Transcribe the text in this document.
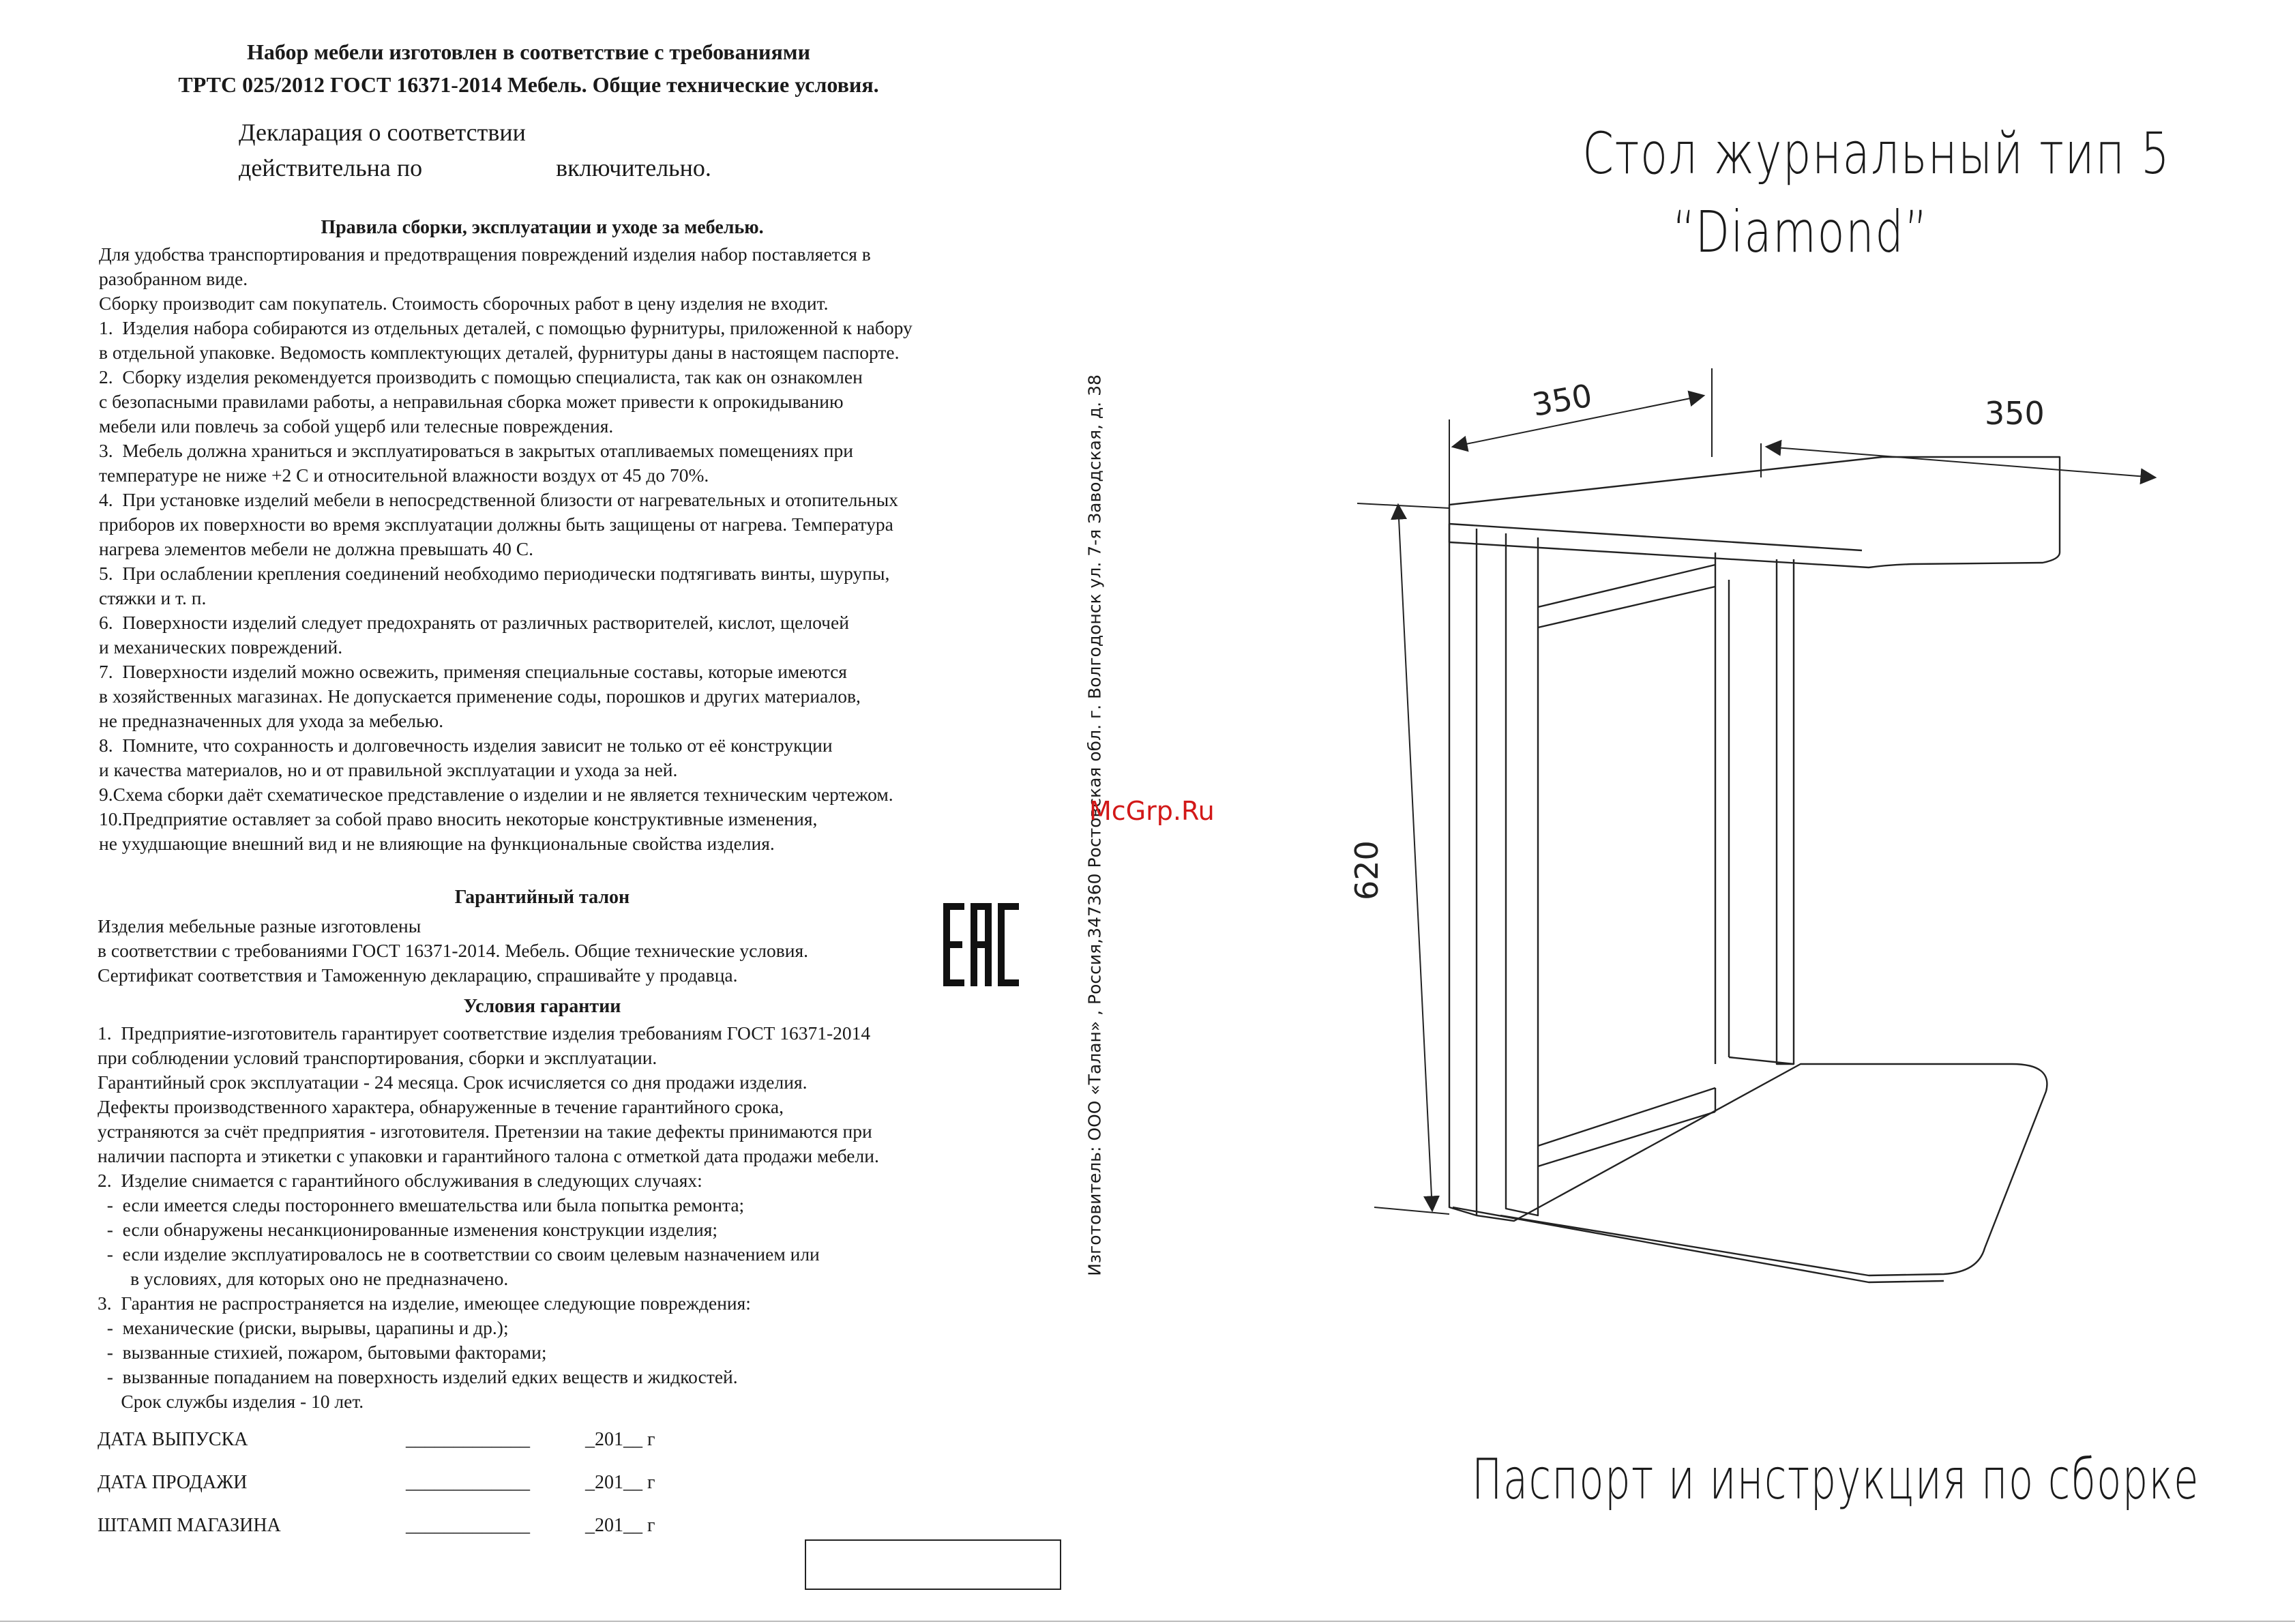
Набор мебели изготовлен в соответствие с требованиями
ТРТС 025/2012 ГОСТ 16371-2014 Мебель. Общие технические условия.
Декларация о соответствии
действительна по	включительно.
Правила сборки, эксплуатации и уходе за мебелью.
Для удобства транспортирования и предотвращения повреждений изделия набор поставляется в
разобранном виде.
Сборку производит сам покупатель. Стоимость сборочных работ в цену изделия не входит.
1.  Изделия набора собираются из отдельных деталей, с помощью фурнитуры, приложенной к набору
в отдельной упаковке. Ведомость комплектующих деталей, фурнитуры даны в настоящем паспорте.
2.  Сборку изделия рекомендуется производить с помощью специалиста, так как он ознакомлен
с безопасными правилами работы, а неправильная сборка может привести к опрокидыванию
мебели или повлечь за собой ущерб или телесные повреждения.
3.  Мебель должна храниться и эксплуатироваться в закрытых отапливаемых помещениях при
температуре не ниже +2 С и относительной влажности воздух от 45 до 70%.
4.  При установке изделий мебели в непосредственной близости от нагревательных и отопительных
приборов их поверхности во время эксплуатации должны быть защищены от нагрева. Температура
нагрева элементов мебели не должна превышать 40 С.
5.  При ослаблении крепления соединений необходимо периодически подтягивать винты, шурупы,
стяжки и т. п.
6.  Поверхности изделий следует предохранять от различных растворителей, кислот, щелочей
и механических повреждений.
7.  Поверхности изделий можно освежить, применяя специальные составы, которые имеются
в хозяйственных магазинах. Не допускается применение соды, порошков и других материалов,
не предназначенных для ухода за мебелью.
8.  Помните, что сохранность и долговечность изделия зависит не только от её конструкции
и качества материалов, но и от правильной эксплуатации и ухода за ней.
9.Схема сборки даёт схематическое представление о изделии и не является техническим чертежом.
10.Предприятие оставляет за собой право вносить некоторые конструктивные изменения,
не ухудшающие внешний вид и не влияющие на функциональные свойства изделия.
Гарантийный талон
Изделия мебельные разные изготовлены
в соответствии с требованиями ГОСТ 16371-2014. Мебель. Общие технические условия.
Сертификат соответствия и Таможенную декларацию, спрашивайте у продавца.
Условия гарантии
1.  Предприятие-изготовитель гарантирует соответствие изделия требованиям ГОСТ 16371-2014
при соблюдении условий транспортирования, сборки и эксплуатации.
Гарантийный срок эксплуатации - 24 месяца. Срок исчисляется со дня продажи изделия.
Дефекты производственного характера, обнаруженные в течение гарантийного срока,
устраняются за счёт предприятия - изготовителя. Претензии на такие дефекты принимаются при
наличии паспорта и этикетки с упаковки и гарантийного талона с отметкой дата продажи мебели.
2.  Изделие снимается с гарантийного обслуживания в следующих случаях:
-  если имеется следы постороннего вмешательства или была попытка ремонта;
-  если обнаружены несанкционированные изменения конструкции изделия;
-  если изделие эксплуатировалось не в соответствии со своим целевым назначением или
в условиях, для которых оно не предназначено.
3.  Гарантия не распространяется на изделие, имеющее следующие повреждения:
-  механические (риски, вырывы, царапины и др.);
-  вызванные стихией, пожаром, бытовыми факторами;
-  вызванные попаданием на поверхность изделий едких веществ и жидкостей.
Срок службы изделия - 10 лет.
ДАТА ВЫПУСКА	_____________	_201__ г
ДАТА ПРОДАЖИ	_____________	_201__ г
ШТАМП МАГАЗИНА	_____________	_201__ г
Изготовитель: ООО «Талан» , Россия,347360 Ростовская обл. г. Волгодонск ул. 7-я Заводская, д. 38
McGrp.Ru
Стол журнальный тип 5
“Diamond”
350	350
620
Паспорт и инструкция по сборке
